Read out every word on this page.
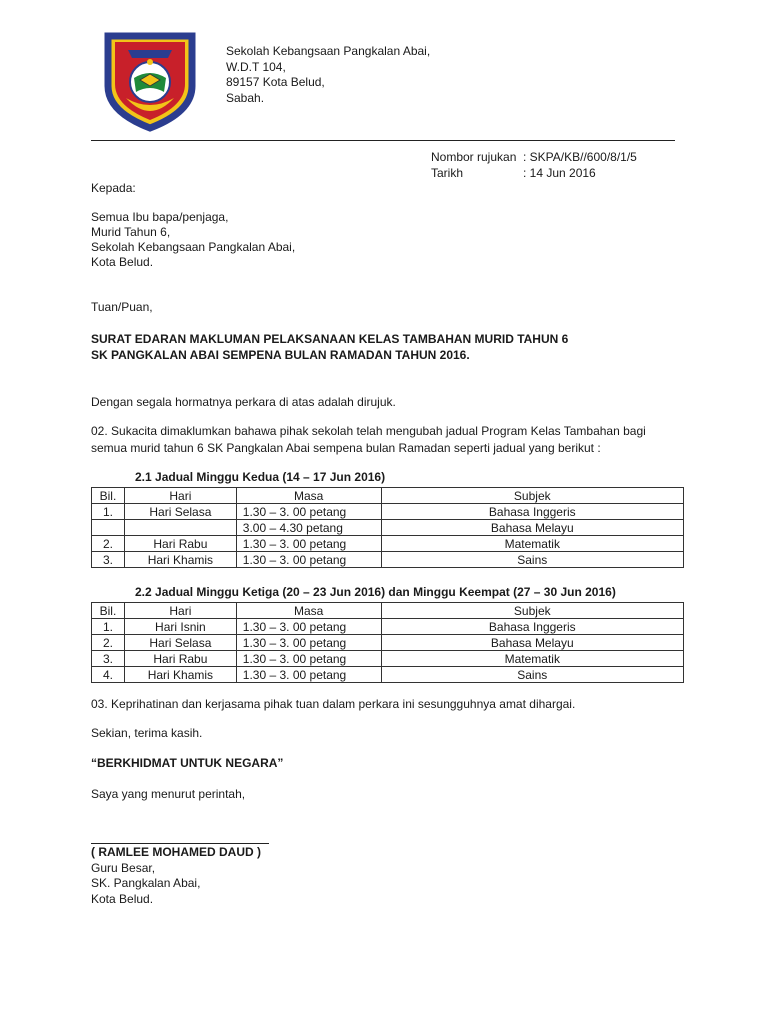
Sekolah Kebangsaan Pangkalan Abai,
W.D.T 104,
89157 Kota Belud,
Sabah.
Nombor rujukan : SKPA/KB//600/8/1/5
Tarikh	: 14 Jun 2016
Kepada:
Semua Ibu bapa/penjaga,
Murid Tahun 6,
Sekolah Kebangsaan Pangkalan Abai,
Kota Belud.
Tuan/Puan,
SURAT EDARAN MAKLUMAN PELAKSANAAN KELAS TAMBAHAN MURID TAHUN 6
SK PANGKALAN ABAI SEMPENA BULAN RAMADAN TAHUN 2016.
Dengan segala hormatnya perkara di atas adalah dirujuk.
02. Sukacita dimaklumkan bahawa pihak sekolah telah mengubah jadual Program Kelas Tambahan bagi semua murid tahun 6 SK Pangkalan Abai sempena bulan Ramadan seperti jadual yang berikut :
2.1 Jadual Minggu Kedua (14 – 17 Jun 2016)
Bil.	Hari	Masa	Subjek
1.	Hari Selasa	1.30 – 3. 00 petang	Bahasa Inggeris
		3.00 – 4.30 petang	Bahasa Melayu
2.	Hari Rabu	1.30 – 3. 00 petang	Matematik
3.	Hari Khamis	1.30 – 3. 00 petang	Sains
2.2 Jadual Minggu Ketiga (20 – 23 Jun 2016) dan Minggu Keempat (27 – 30 Jun 2016)
Bil.	Hari	Masa	Subjek
1.	Hari Isnin	1.30 – 3. 00 petang	Bahasa Inggeris
2.	Hari Selasa	1.30 – 3. 00 petang	Bahasa Melayu
3.	Hari Rabu	1.30 – 3. 00 petang	Matematik
4.	Hari Khamis	1.30 – 3. 00 petang	Sains
03. Keprihatinan dan kerjasama pihak tuan dalam perkara ini sesungguhnya amat dihargai.
Sekian, terima kasih.
“BERKHIDMAT UNTUK NEGARA”
Saya yang menurut perintah,
( RAMLEE MOHAMED DAUD )
Guru Besar,
SK. Pangkalan Abai,
Kota Belud.
